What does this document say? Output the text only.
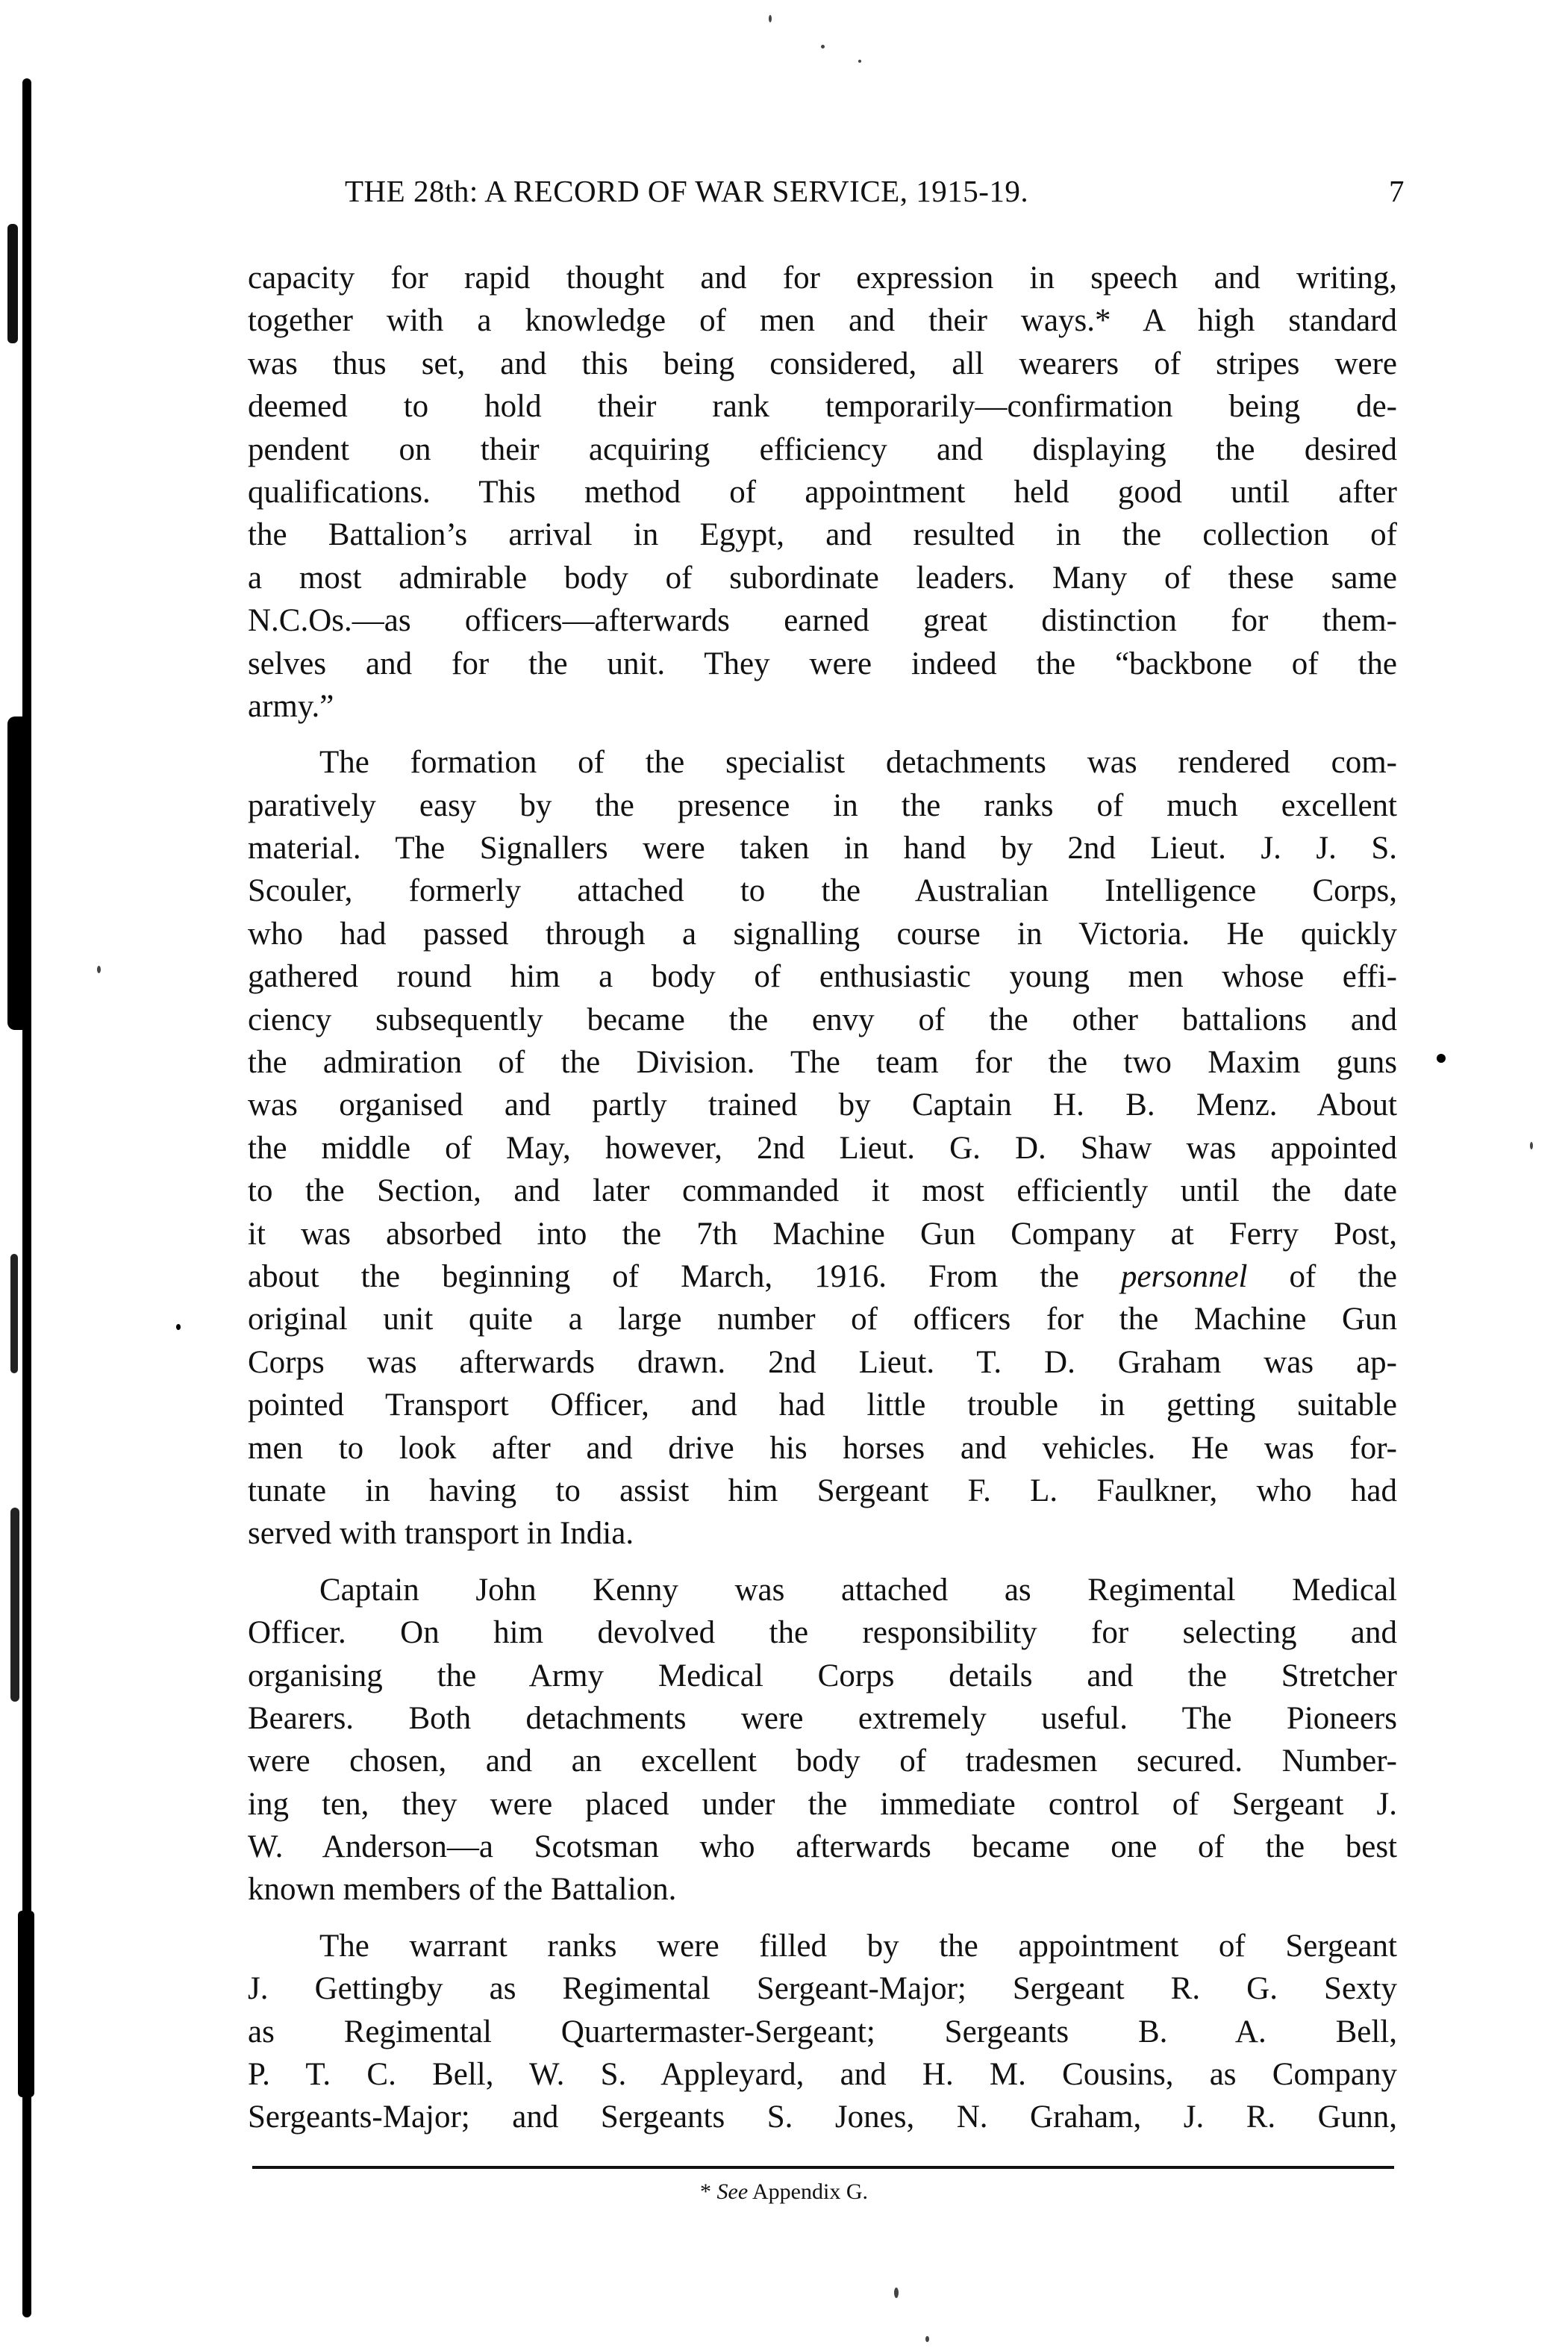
THE 28th: A RECORD OF WAR SERVICE, 1915-19.	7
capacity for rapid thought and for expression in speech and writing,
together with a knowledge of men and their ways.* A high standard
was thus set, and this being considered, all wearers of stripes were
deemed to hold their rank temporarily—confirmation being de-
pendent on their acquiring efficiency and displaying the desired
qualifications. This method of appointment held good until after
the Battalion’s arrival in Egypt, and resulted in the collection of
a most admirable body of subordinate leaders. Many of these same
N.C.Os.—as officers—afterwards earned great distinction for them-
selves and for the unit. They were indeed the “backbone of the
army.”
The formation of the specialist detachments was rendered com-
paratively easy by the presence in the ranks of much excellent
material. The Signallers were taken in hand by 2nd Lieut. J. J. S.
Scouler, formerly attached to the Australian Intelligence Corps,
who had passed through a signalling course in Victoria. He quickly
gathered round him a body of enthusiastic young men whose effi-
ciency subsequently became the envy of the other battalions and
the admiration of the Division. The team for the two Maxim guns
was organised and partly trained by Captain H. B. Menz. About
the middle of May, however, 2nd Lieut. G. D. Shaw was appointed
to the Section, and later commanded it most efficiently until the date
it was absorbed into the 7th Machine Gun Company at Ferry Post,
about the beginning of March, 1916. From the personnel of the
original unit quite a large number of officers for the Machine Gun
Corps was afterwards drawn. 2nd Lieut. T. D. Graham was ap-
pointed Transport Officer, and had little trouble in getting suitable
men to look after and drive his horses and vehicles. He was for-
tunate in having to assist him Sergeant F. L. Faulkner, who had
served with transport in India.
Captain John Kenny was attached as Regimental Medical
Officer. On him devolved the responsibility for selecting and
organising the Army Medical Corps details and the Stretcher
Bearers. Both detachments were extremely useful. The Pioneers
were chosen, and an excellent body of tradesmen secured. Number-
ing ten, they were placed under the immediate control of Sergeant J.
W. Anderson—a Scotsman who afterwards became one of the best
known members of the Battalion.
The warrant ranks were filled by the appointment of Sergeant
J. Gettingby as Regimental Sergeant-Major; Sergeant R. G. Sexty
as Regimental Quartermaster-Sergeant; Sergeants B. A. Bell,
P. T. C. Bell, W. S. Appleyard, and H. M. Cousins, as Company
Sergeants-Major; and Sergeants S. Jones, N. Graham, J. R. Gunn,
* See Appendix G.
